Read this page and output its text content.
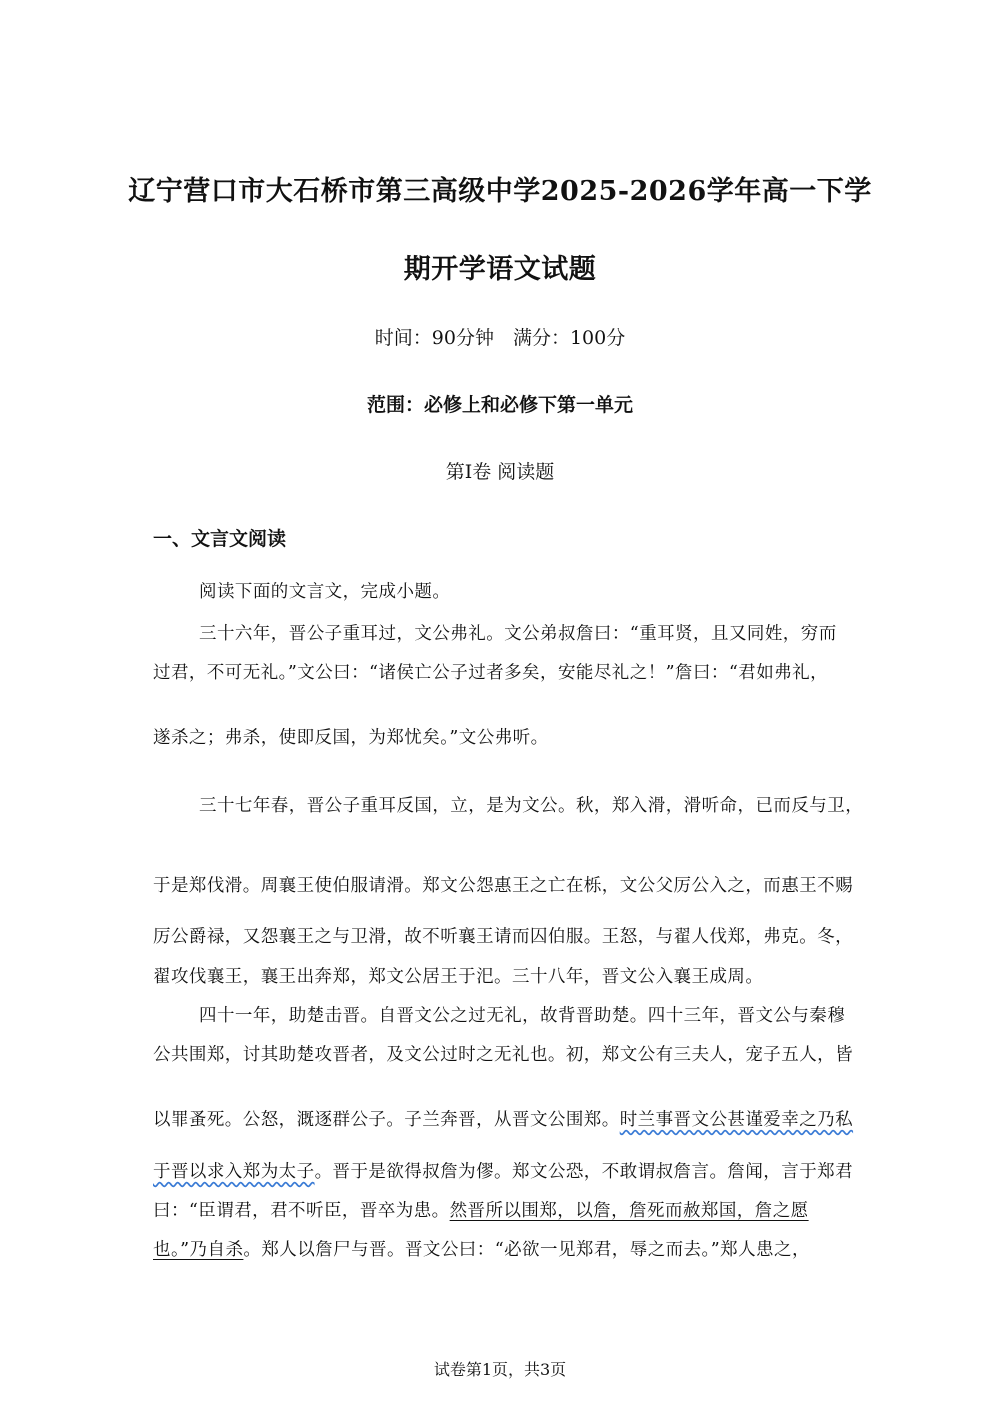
辽宁营口市大石桥市第三高级中学2025-2026学年高一下学
期开学语文试题
时间：90分钟　满分：100分
范围：必修上和必修下第一单元
第I卷 阅读题
一、文言文阅读
阅读下面的文言文，完成小题。
三十六年，晋公子重耳过，文公弗礼。文公弟叔詹曰：“重耳贤，且又同姓，穷而
过君，不可无礼。”文公曰：“诸侯亡公子过者多矣，安能尽礼之！”詹曰：“君如弗礼，
遂杀之；弗杀，使即反国，为郑忧矣。”文公弗听。
三十七年春，晋公子重耳反国，立，是为文公。秋，郑入滑，滑听命，已而反与卫，
于是郑伐滑。周襄王使伯服请滑。郑文公怨惠王之亡在栎，文公父厉公入之，而惠王不赐
厉公爵禄，又怨襄王之与卫滑，故不听襄王请而囚伯服。王怒，与翟人伐郑，弗克。冬，
翟攻伐襄王，襄王出奔郑，郑文公居王于汜。三十八年，晋文公入襄王成周。
四十一年，助楚击晋。自晋文公之过无礼，故背晋助楚。四十三年，晋文公与秦穆
公共围郑，讨其助楚攻晋者，及文公过时之无礼也。初，郑文公有三夫人，宠子五人，皆
以罪蚤死。公怒，溉逐群公子。子兰奔晋，从晋文公围郑。时兰事晋文公甚谨爱幸之乃私
于晋以求入郑为太子。晋于是欲得叔詹为僇。郑文公恐，不敢谓叔詹言。詹闻，言于郑君
曰：“臣谓君，君不听臣，晋卒为患。然晋所以围郑，以詹，詹死而赦郑国，詹之愿
也。”乃自杀。郑人以詹尸与晋。晋文公曰：“必欲一见郑君，辱之而去。”郑人患之，
试卷第1页，共3页
